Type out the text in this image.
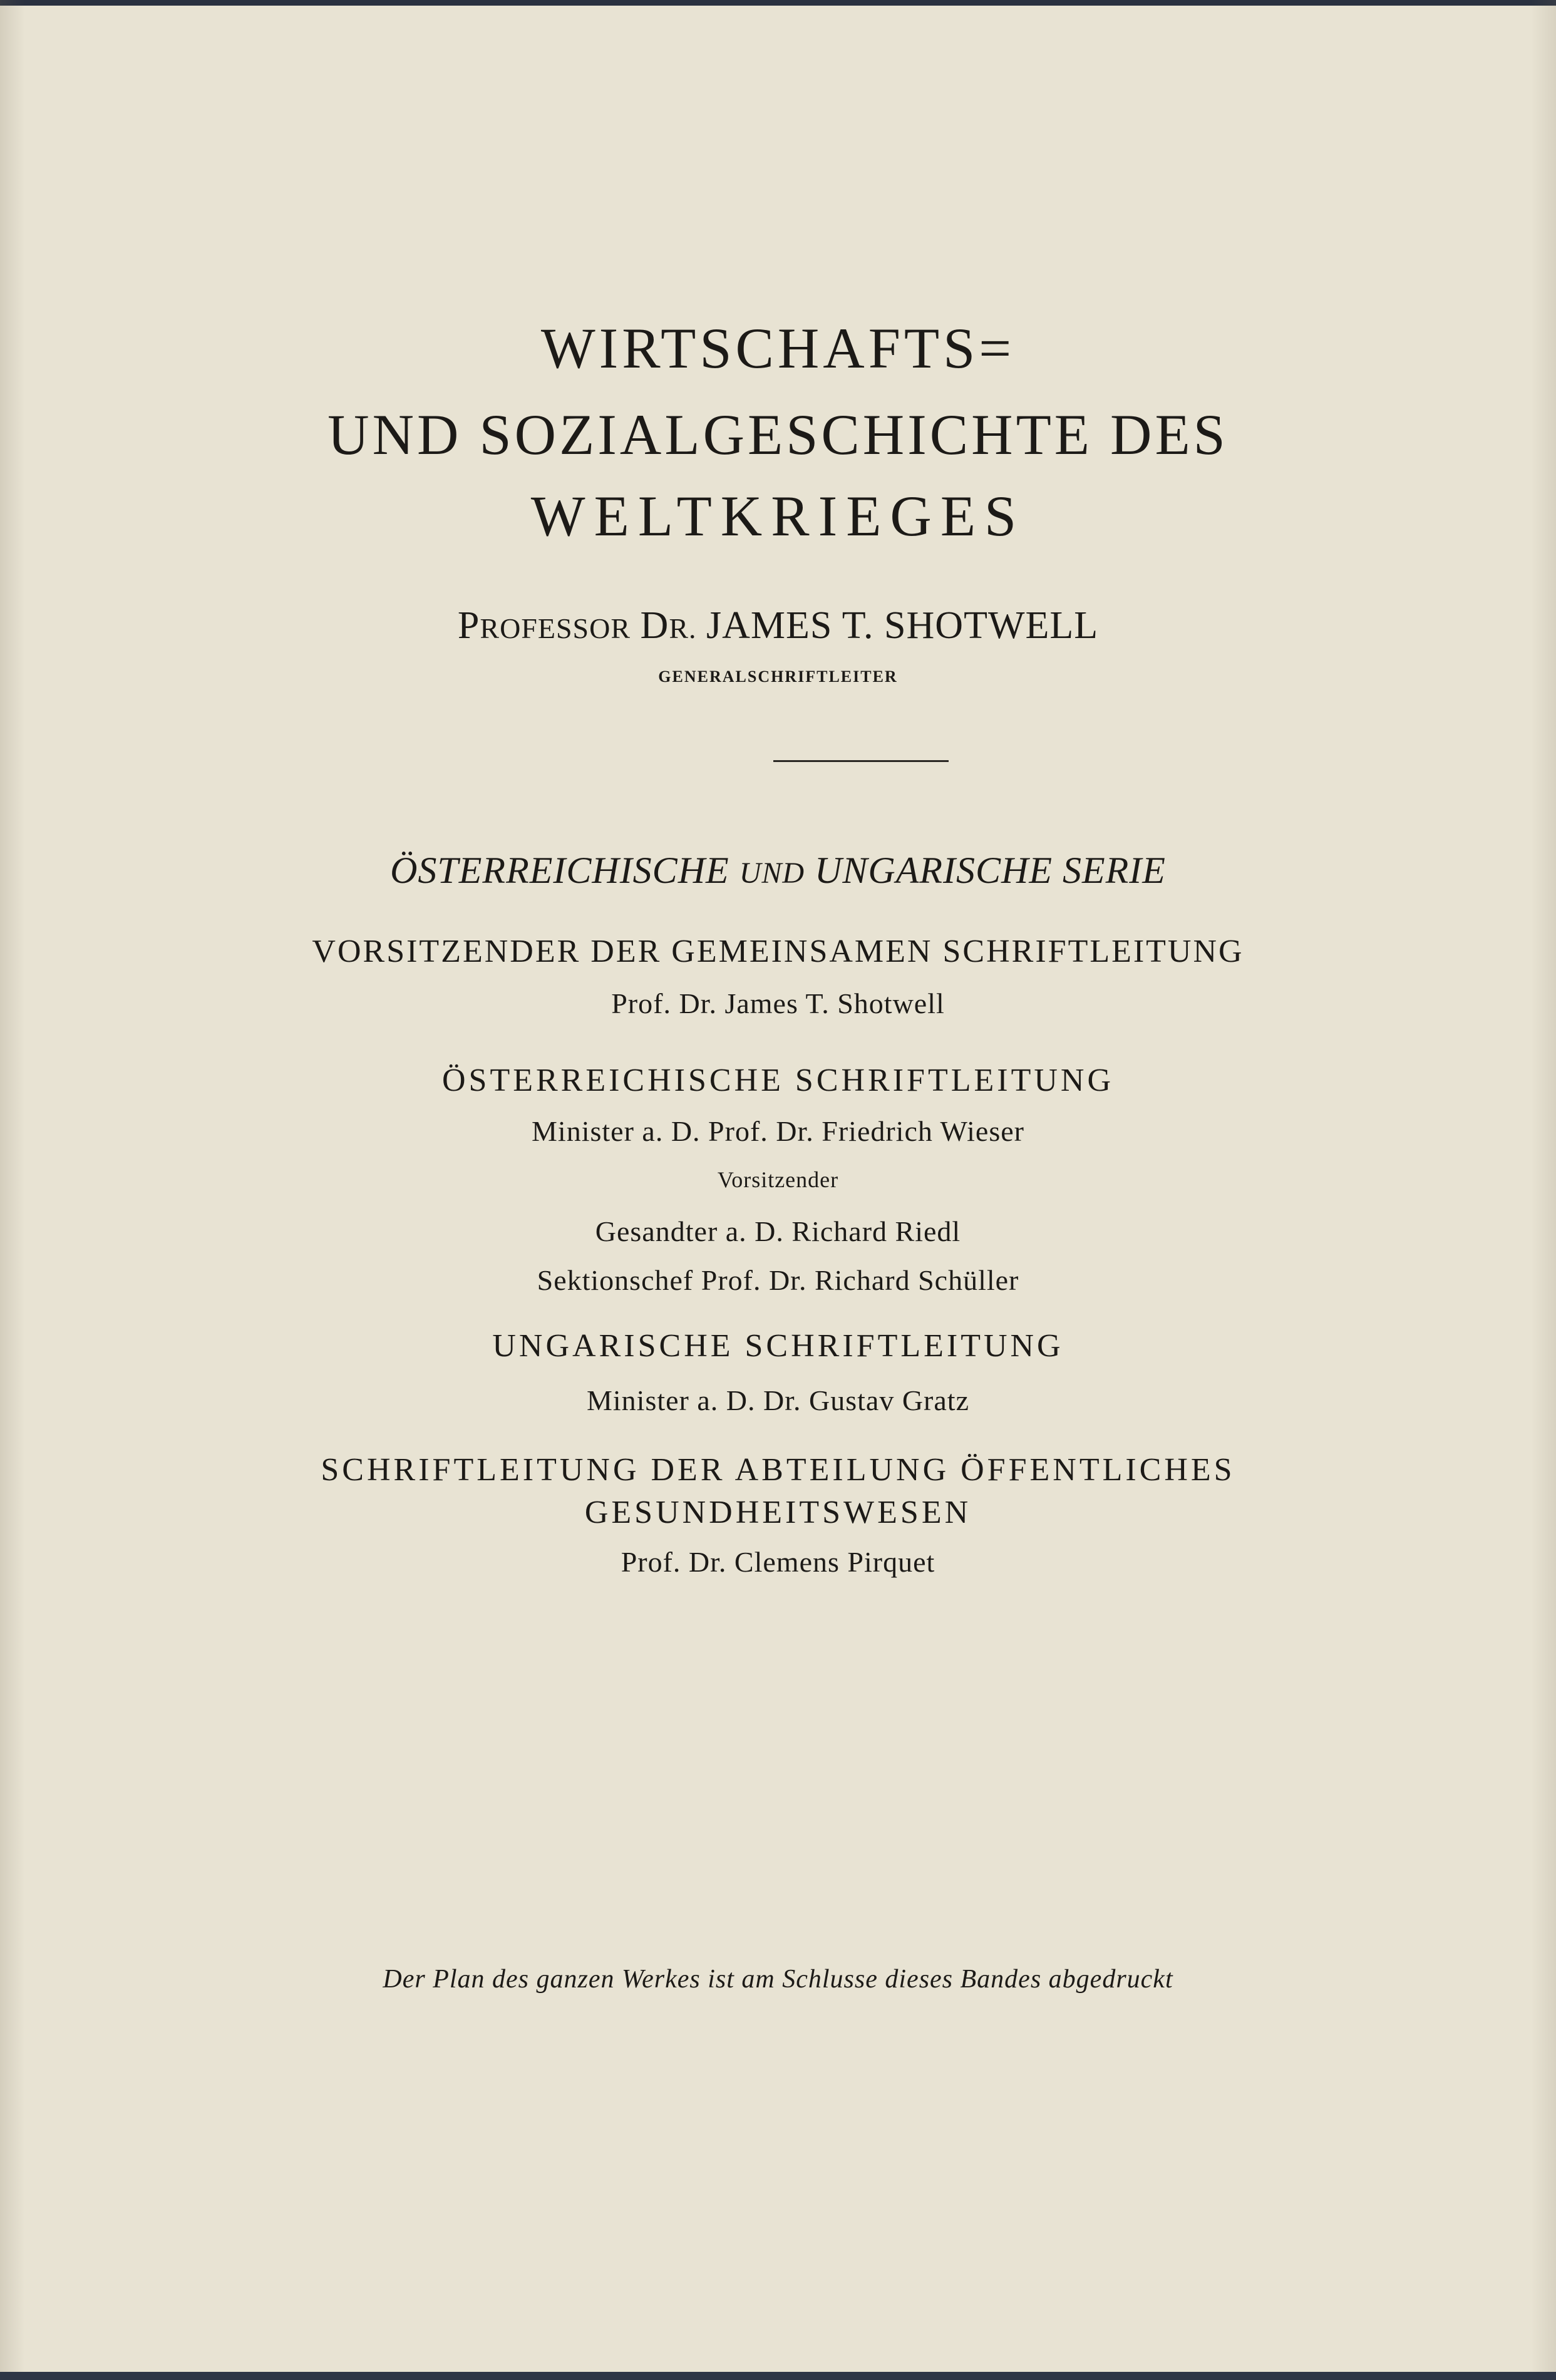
WIRTSCHAFTS=

UND SOZIALGESCHICHTE DES

WELTKRIEGES

PROFESSOR DR. JAMES T. SHOTWELL

GENERALSCHRIFTLEITER

ÖSTERREICHISCHE UND UNGARISCHE SERIE

VORSITZENDER DER GEMEINSAMEN SCHRIFTLEITUNG

Prof. Dr. James T. Shotwell

ÖSTERREICHISCHE SCHRIFTLEITUNG

Minister a. D. Prof. Dr. Friedrich Wieser

Vorsitzender

Gesandter a. D. Richard Riedl

Sektionschef Prof. Dr. Richard Schüller

UNGARISCHE SCHRIFTLEITUNG

Minister a. D. Dr. Gustav Gratz

SCHRIFTLEITUNG DER ABTEILUNG ÖFFENTLICHES

GESUNDHEITSWESEN

Prof. Dr. Clemens Pirquet

Der Plan des ganzen Werkes ist am Schlusse dieses Bandes abgedruckt
